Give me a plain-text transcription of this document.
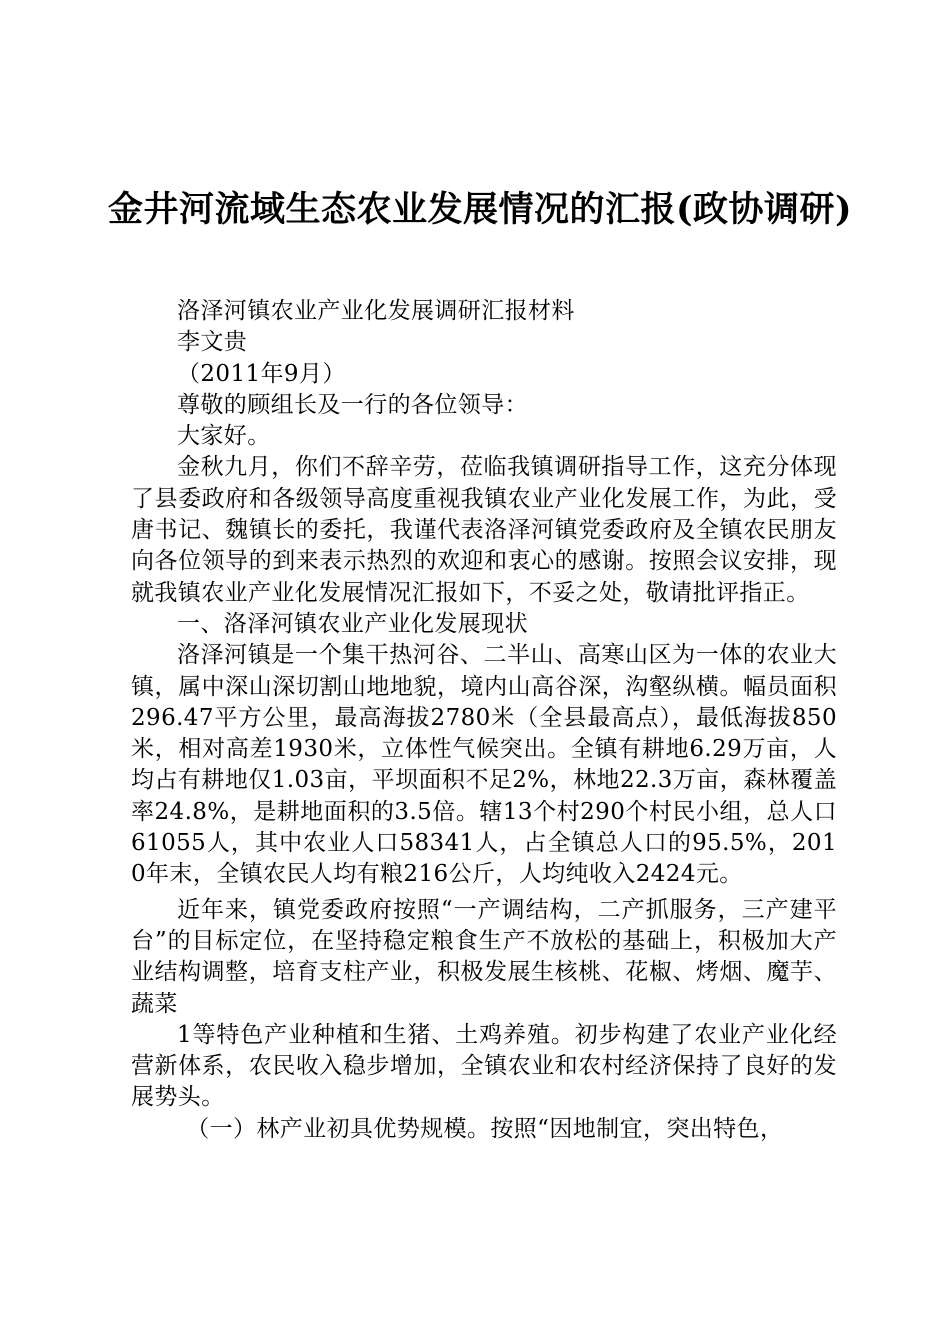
金井河流域生态农业发展情况的汇报(政协调研)

洛泽河镇农业产业化发展调研汇报材料

李文贵

（2011年9月）

尊敬的顾组长及一行的各位领导：

大家好。

金秋九月，你们不辞辛劳，莅临我镇调研指导工作，这充分体现了县委政府和各级领导高度重视我镇农业产业化发展工作，为此，受唐书记、魏镇长的委托，我谨代表洛泽河镇党委政府及全镇农民朋友向各位领导的到来表示热烈的欢迎和衷心的感谢。按照会议安排，现就我镇农业产业化发展情况汇报如下，不妥之处，敬请批评指正。

一、洛泽河镇农业产业化发展现状

洛泽河镇是一个集干热河谷、二半山、高寒山区为一体的农业大镇，属中深山深切割山地地貌，境内山高谷深，沟壑纵横。幅员面积296.47平方公里，最高海拔2780米（全县最高点），最低海拔850米，相对高差1930米，立体性气候突出。全镇有耕地6.29万亩，人均占有耕地仅1.03亩，平坝面积不足2%，林地22.3万亩，森林覆盖率24.8%，是耕地面积的3.5倍。辖13个村290个村民小组，总人口61055人，其中农业人口58341人，占全镇总人口的95.5%，2010年末，全镇农民人均有粮216公斤，人均纯收入2424元。

近年来，镇党委政府按照“一产调结构，二产抓服务，三产建平台”的目标定位，在坚持稳定粮食生产不放松的基础上，积极加大产业结构调整，培育支柱产业，积极发展生核桃、花椒、烤烟、魔芋、蔬菜

1等特色产业种植和生猪、土鸡养殖。初步构建了农业产业化经营新体系，农民收入稳步增加，全镇农业和农村经济保持了良好的发展势头。

（一）林产业初具优势规模。按照“因地制宜，突出特色，
